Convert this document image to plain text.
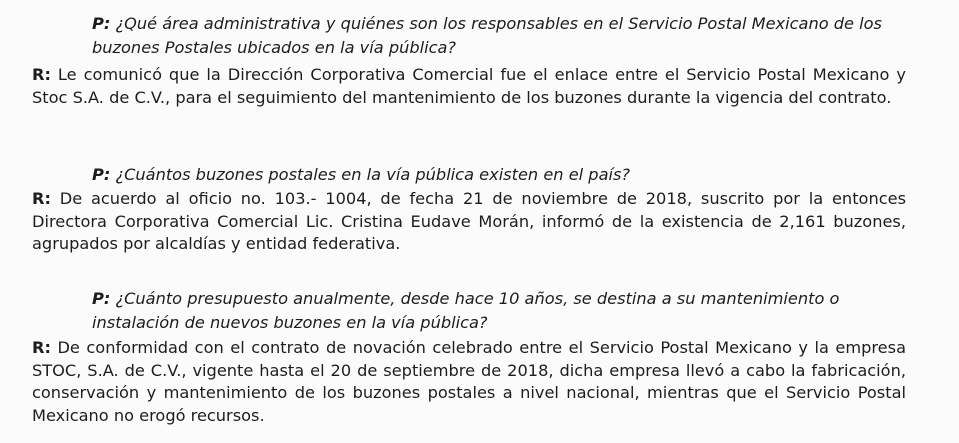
P: ¿Qué área administrativa y quiénes son los responsables en el Servicio Postal Mexicano de los buzones Postales ubicados en la vía pública?
R: Le comunicó que la Dirección Corporativa Comercial fue el enlace entre el Servicio Postal Mexicano y Stoc S.A. de C.V., para el seguimiento del mantenimiento de los buzones durante la vigencia del contrato.
P: ¿Cuántos buzones postales en la vía pública existen en el país?
R: De acuerdo al oficio no. 103.- 1004, de fecha 21 de noviembre de 2018, suscrito por la entonces Directora Corporativa Comercial Lic. Cristina Eudave Morán, informó de la existencia de 2,161 buzones, agrupados por alcaldías y entidad federativa.
P: ¿Cuánto presupuesto anualmente, desde hace 10 años, se destina a su mantenimiento o instalación de nuevos buzones en la vía pública?
R: De conformidad con el contrato de novación celebrado entre el Servicio Postal Mexicano y la empresa STOC, S.A. de C.V., vigente hasta el 20 de septiembre de 2018, dicha empresa llevó a cabo la fabricación, conservación y mantenimiento de los buzones postales a nivel nacional, mientras que el Servicio Postal Mexicano no erogó recursos.
